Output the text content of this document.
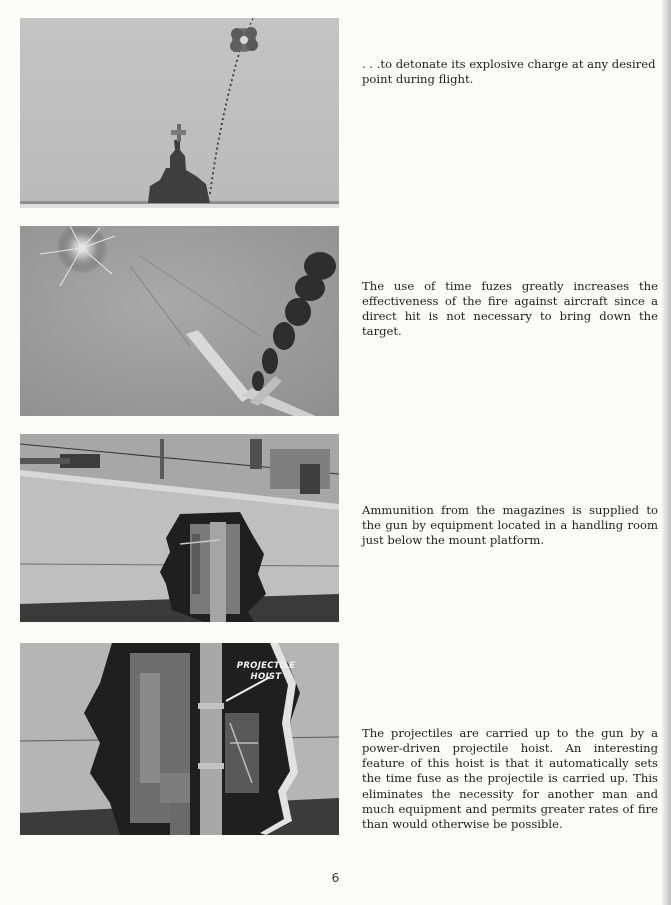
PROJECTILE
HOIST

. . .to detonate its explosive charge at any desired point during flight.

The use of time fuzes greatly increases the effectiveness of the fire against aircraft since a direct hit is not necessary to bring down the target.

Ammunition from the magazines is supplied to the gun by equipment located in a handling room just below the mount platform.

The projectiles are carried up to the gun by a power-driven projectile hoist. An interesting feature of this hoist is that it automatically sets the time fuse as the projectile is carried up. This eliminates the necessity for another man and much equipment and permits greater rates of fire than would otherwise be possible.

6
